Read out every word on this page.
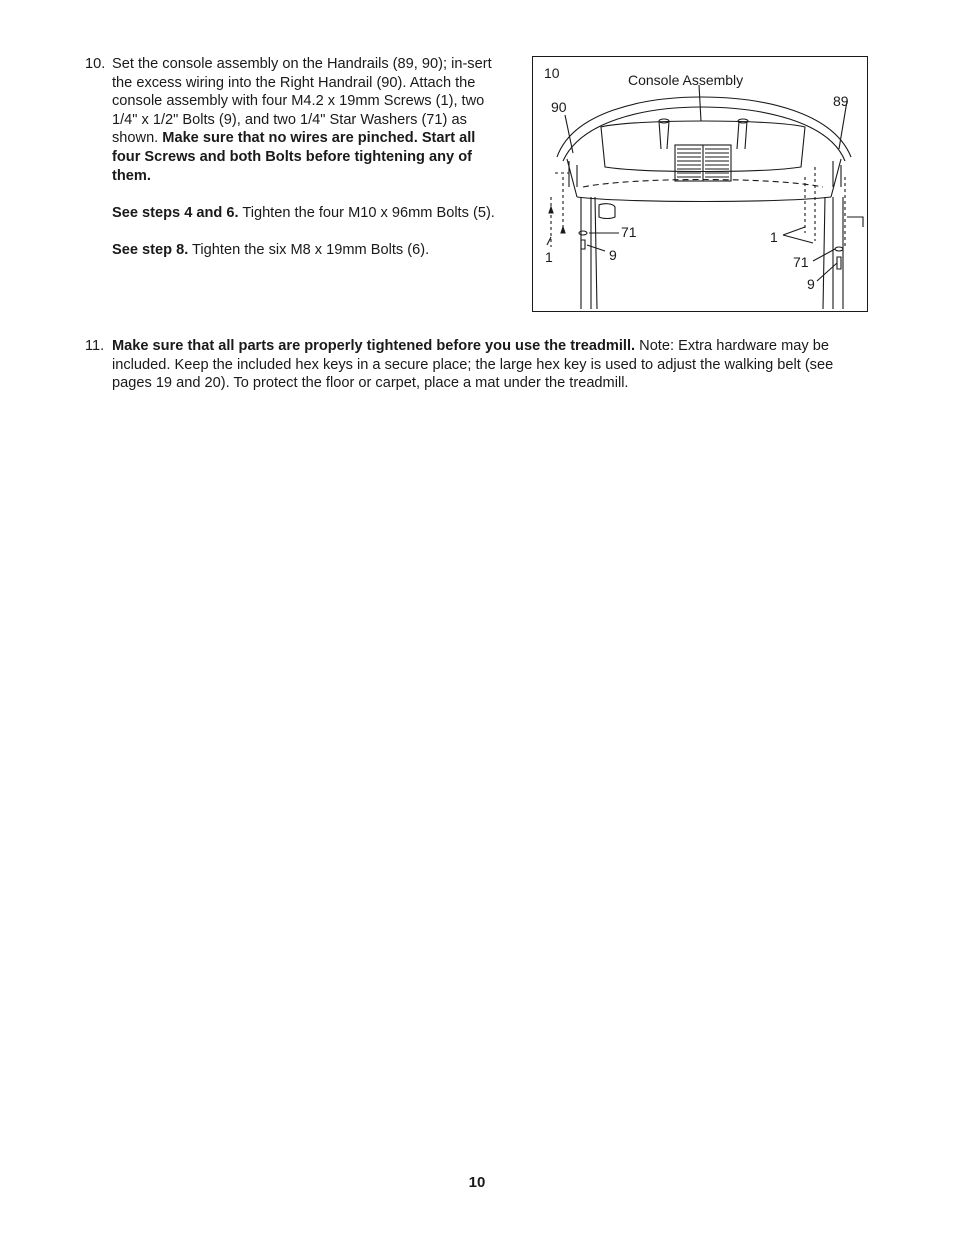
10. Set the console assembly on the Handrails (89, 90); in-sert the excess wiring into the Right Handrail (90). Attach the console assembly with four M4.2 x 19mm Screws (1), two 1/4" x 1/2" Bolts (9), and two 1/4" Star Washers (71) as shown. Make sure that no wires are pinched. Start all four Screws and both Bolts before tightening any of them.

See steps 4 and 6. Tighten the four M10 x 96mm Bolts (5).

See step 8. Tighten the six M8 x 19mm Bolts (6).

10	Console Assembly
90	89
1
71
9
1
71
9
11. Make sure that all parts are properly tightened before you use the treadmill. Note: Extra hardware may be included. Keep the included hex keys in a secure place; the large hex key is used to adjust the walking belt (see pages 19 and 20). To protect the floor or carpet, place a mat under the treadmill.
10
